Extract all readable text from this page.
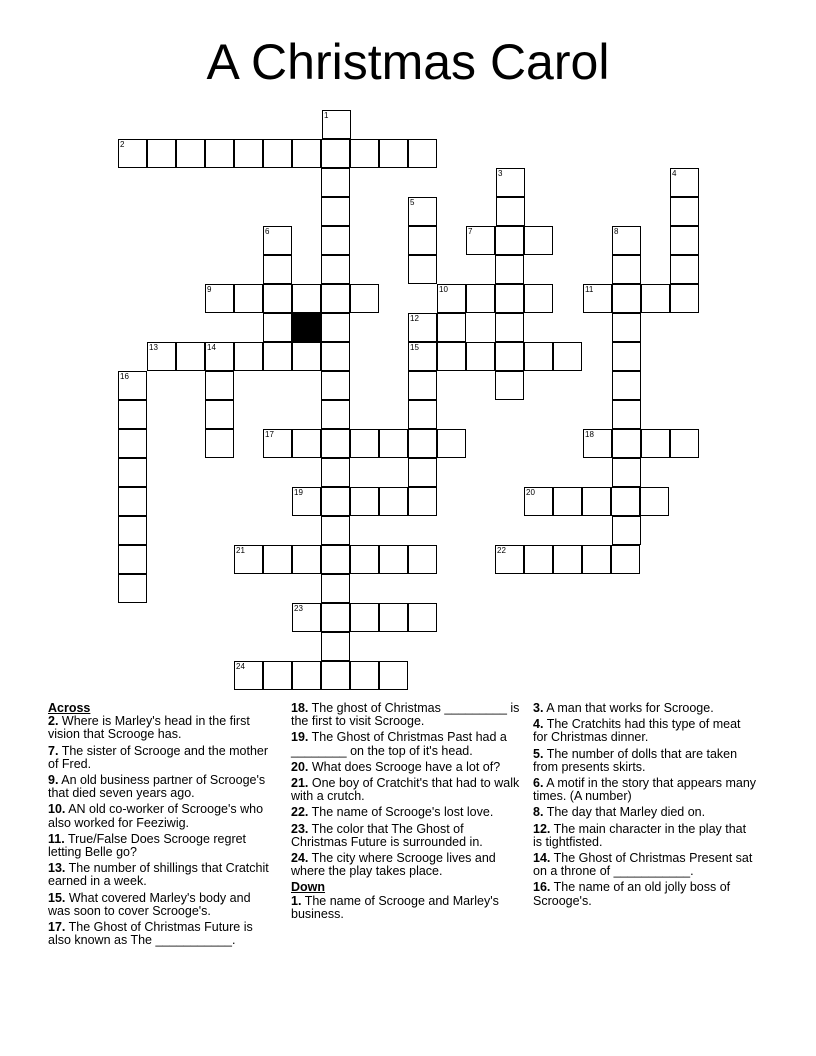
A Christmas Carol
1
2
3	4
5
6	7	8
9	10	11
12
13	14	15
16
17	18
19	20
21	22
23
24
Across
2. Where is Marley's head in the first vision that Scrooge has.
7. The sister of Scrooge and the mother of Fred.
9. An old business partner of Scrooge's that died seven years ago.
10. AN old co-worker of Scrooge's who also worked for Feeziwig.
11. True/False Does Scrooge regret letting Belle go?
13. The number of shillings that Cratchit earned in a week.
15. What covered Marley's body and was soon to cover Scrooge's.
17. The Ghost of Christmas Future is also known as The ___________.
18. The ghost of Christmas _________ is the first to visit Scrooge.
19. The Ghost of Christmas Past had a ________ on the top of it's head.
20. What does Scrooge have a lot of?
21. One boy of Cratchit's that had to walk with a crutch.
22. The name of Scrooge's lost love.
23. The color that The Ghost of Christmas Future is surrounded in.
24. The city where Scrooge lives and where the play takes place.
Down
1. The name of Scrooge and Marley's business.
3. A man that works for Scrooge.
4. The Cratchits had this type of meat for Christmas dinner.
5. The number of dolls that are taken from presents skirts.
6. A motif in the story that appears many times. (A number)
8. The day that Marley died on.
12. The main character in the play that is tightfisted.
14. The Ghost of Christmas Present sat on a throne of ___________.
16. The name of an old jolly boss of Scrooge's.
